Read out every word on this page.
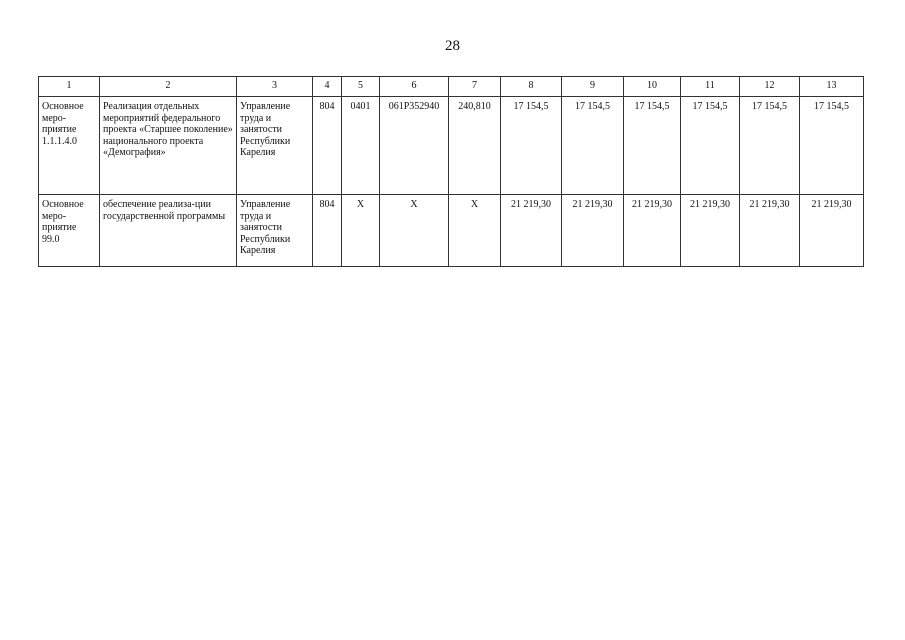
28
1	2	3	4	5	6	7	8	9	10	11	12	13
Основное меро-приятие 1.1.1.4.0	Реализация отдельных мероприятий федерального проекта «Старшее поколение» национального проекта «Демография»	Управление труда и занятости Республики Карелия	804	0401	061P352940	240,810	17 154,5	17 154,5	17 154,5	17 154,5	17 154,5	17 154,5
Основное меро-приятие 99.0	обеспечение реализа-ции государственной программы	Управление труда и занятости Республики Карелия	804	Х	Х	Х	21 219,30	21 219,30	21 219,30	21 219,30	21 219,30	21 219,30
